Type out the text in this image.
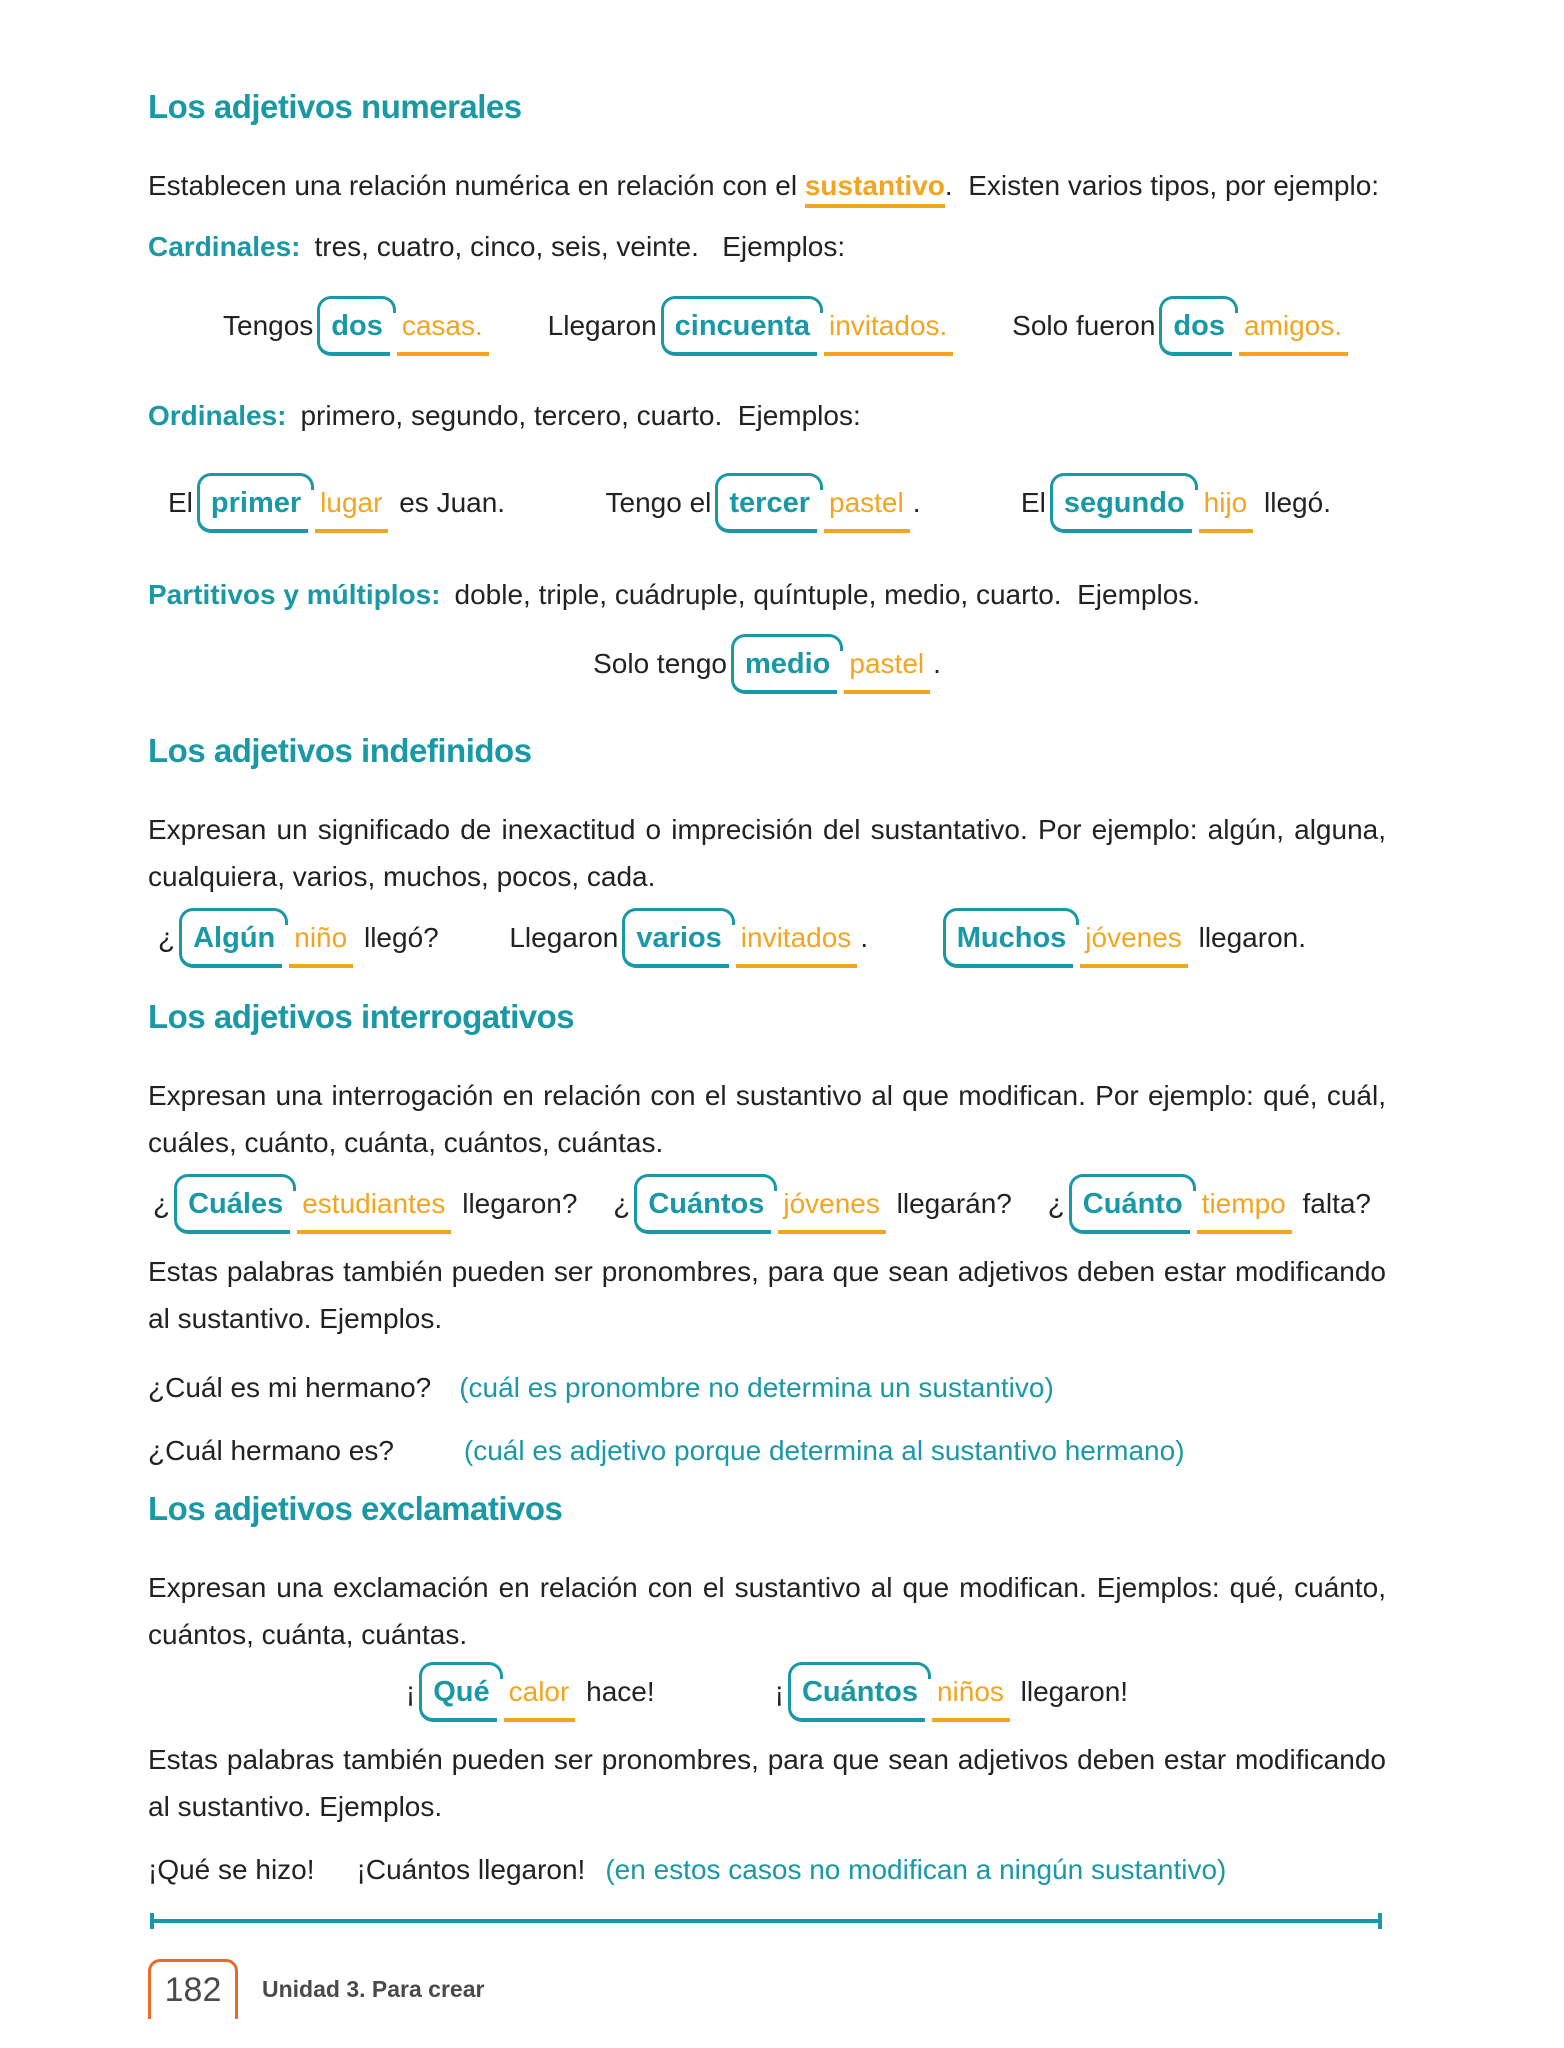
Los adjetivos numerales

Establecen una relación numérica en relación con el sustantivo.  Existen varios tipos, por ejemplo:

Cardinales: tres, cuatro, cinco, seis, veinte.   Ejemplos:

Tengos dos casas.	Llegaron cincuenta invitados.	Solo fueron dos amigos.

Ordinales: primero, segundo, tercero, cuarto.  Ejemplos:

El primer lugar es Juan.	Tengo el tercer pastel .	El segundo hijo llegó.

Partitivos y múltiplos: doble, triple, cuádruple, quíntuple, medio, cuarto.  Ejemplos.

Solo tengo medio pastel .
Los adjetivos indefinidos

Expresan un significado de inexactitud o imprecisión del sustantativo. Por ejemplo: algún, alguna, cualquiera, varios, muchos, pocos, cada.

¿ Algún niño llegó?	Llegaron varios invitados .	Muchos jóvenes llegaron.
Los adjetivos interrogativos

Expresan una interrogación en relación con el sustantivo al que modifican. Por ejemplo: qué, cuál, cuáles, cuánto, cuánta, cuántos, cuántas.

¿ Cuáles estudiantes llegaron? ¿ Cuántos jóvenes llegarán? ¿ Cuánto tiempo falta?

Estas palabras también pueden ser pronombres, para que sean adjetivos deben estar modificando al sustantivo. Ejemplos.

¿Cuál es mi hermano? (cuál es pronombre no determina un sustantivo)
¿Cuál hermano es?	(cuál es adjetivo porque determina al sustantivo hermano)
Los adjetivos exclamativos

Expresan una exclamación en relación con el sustantivo al que modifican. Ejemplos: qué, cuánto, cuántos, cuánta, cuántas.

¡ Qué calor hace!	¡ Cuántos niños llegaron!

Estas palabras también pueden ser pronombres, para que sean adjetivos deben estar modificando al sustantivo. Ejemplos.

¡Qué se hizo! ¡Cuántos llegaron! (en estos casos no modifican a ningún sustantivo)
182 Unidad 3. Para crear
